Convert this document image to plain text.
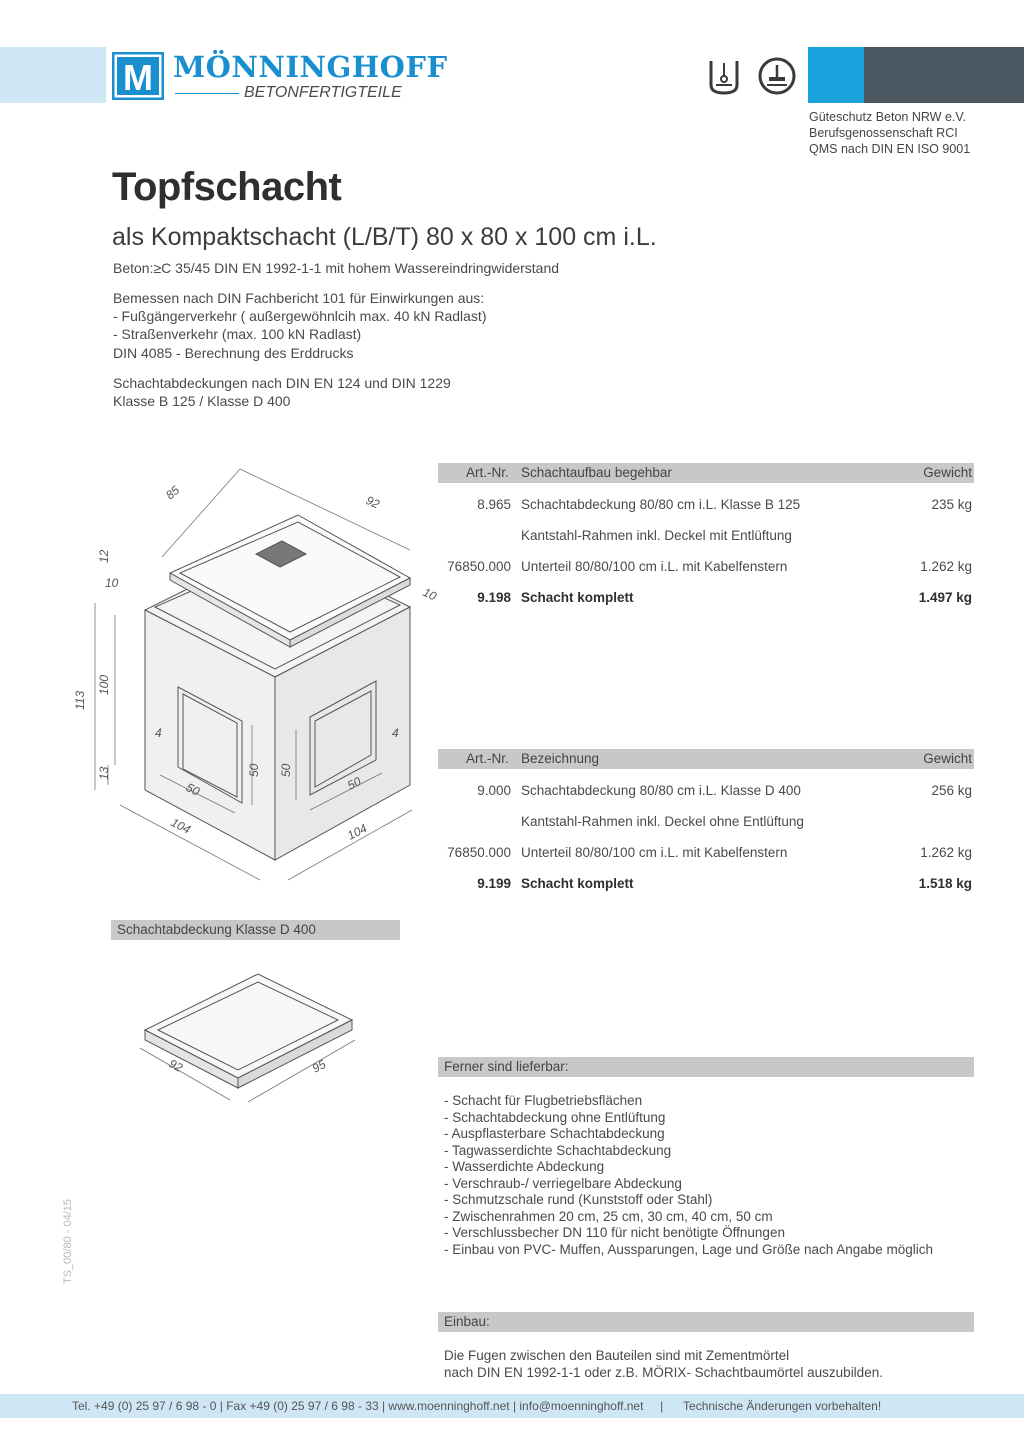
M MÖNNINGHOFF
BETONFERTIGTEILE
Güteschutz Beton NRW e.V.
Berufsgenossenschaft RCI
QMS nach DIN EN ISO 9001
Topfschacht
als Kompaktschacht (L/B/T) 80 x 80 x 100 cm i.L.
Beton:≥C 35/45 DIN EN 1992-1-1 mit hohem Wassereindringwiderstand
Bemessen nach DIN Fachbericht 101 für Einwirkungen aus:
- Fußgängerverkehr ( außergewöhnlcih max. 40 kN Radlast)
- Straßenverkehr (max. 100 kN Radlast)
DIN 4085 - Berechnung des Erddrucks
Schachtabdeckungen nach DIN EN 124 und DIN 1229
Klasse B 125 / Klasse D 400
85	92
12
10
10
113
100
13
4	4
50
50 50
50
104	104
Art.-Nr. Schachtaufbau begehbar	Gewicht
8.965 Schachtabdeckung 80/80 cm i.L. Klasse B 125	235 kg
Kantstahl-Rahmen inkl. Deckel mit Entlüftung
76850.000 Unterteil 80/80/100 cm i.L. mit Kabelfenstern	1.262 kg
9.198 Schacht komplett	1.497 kg
Art.-Nr. Bezeichnung	Gewicht
9.000 Schachtabdeckung 80/80 cm i.L. Klasse D 400	256 kg
Kantstahl-Rahmen inkl. Deckel ohne Entlüftung
76850.000 Unterteil 80/80/100 cm i.L. mit Kabelfenstern	1.262 kg
9.199 Schacht komplett	1.518 kg
Schachtabdeckung Klasse D 400
92	95	Ferner sind lieferbar:
- Schacht für Flugbetriebsflächen
- Schachtabdeckung ohne Entlüftung
- Auspflasterbare Schachtabdeckung
- Tagwasserdichte Schachtabdeckung
- Wasserdichte Abdeckung
- Verschraub-/ verriegelbare Abdeckung
- Schmutzschale rund (Kunststoff oder Stahl)
- Zwischenrahmen 20 cm, 25 cm, 30 cm, 40 cm, 50 cm
- Verschlussbecher DN 110 für nicht benötigte Öffnungen
- Einbau von PVC- Muffen, Aussparungen, Lage und Größe nach Angabe möglich
Einbau:
Die Fugen zwischen den Bauteilen sind mit Zementmörtel
nach DIN EN 1992-1-1 oder z.B. MÖRIX- Schachtbaumörtel auszubilden.
TS_00/80 - 04/15
Tel. +49 (0) 25 97 / 6 98 - 0 | Fax +49 (0) 25 97 / 6 98 - 33 | www.moenninghoff.net | info@moenninghoff.net     |      Technische Änderungen vorbehalten!
